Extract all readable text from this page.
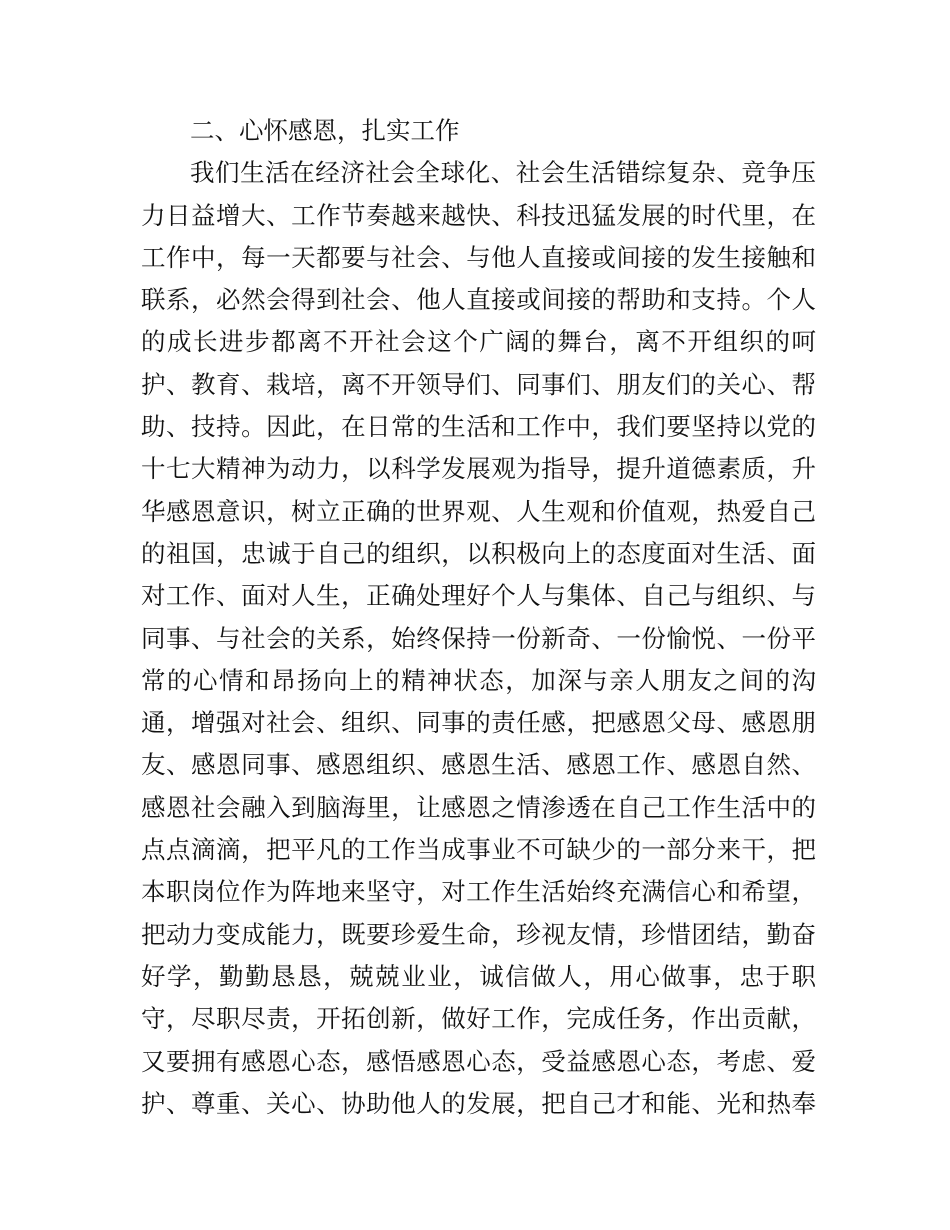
二、心怀感恩，扎实工作
我们生活在经济社会全球化、社会生活错综复杂、竞争压
力日益增大、工作节奏越来越快、科技迅猛发展的时代里，在
工作中，每一天都要与社会、与他人直接或间接的发生接触和
联系，必然会得到社会、他人直接或间接的帮助和支持。个人
的成长进步都离不开社会这个广阔的舞台，离不开组织的呵
护、教育、栽培，离不开领导们、同事们、朋友们的关心、帮
助、技持。因此，在日常的生活和工作中，我们要坚持以党的
十七大精神为动力，以科学发展观为指导，提升道德素质，升
华感恩意识，树立正确的世界观、人生观和价值观，热爱自己
的祖国，忠诚于自己的组织，以积极向上的态度面对生活、面
对工作、面对人生，正确处理好个人与集体、自己与组织、与
同事、与社会的关系，始终保持一份新奇、一份愉悦、一份平
常的心情和昂扬向上的精神状态，加深与亲人朋友之间的沟
通，增强对社会、组织、同事的责任感，把感恩父母、感恩朋
友、感恩同事、感恩组织、感恩生活、感恩工作、感恩自然、
感恩社会融入到脑海里，让感恩之情渗透在自己工作生活中的
点点滴滴，把平凡的工作当成事业不可缺少的一部分来干，把
本职岗位作为阵地来坚守，对工作生活始终充满信心和希望，
把动力变成能力，既要珍爱生命，珍视友情，珍惜团结，勤奋
好学，勤勤恳恳，兢兢业业，诚信做人，用心做事，忠于职
守，尽职尽责，开拓创新，做好工作，完成任务，作出贡献，
又要拥有感恩心态，感悟感恩心态，受益感恩心态，考虑、爱
护、尊重、关心、协助他人的发展，把自己才和能、光和热奉
